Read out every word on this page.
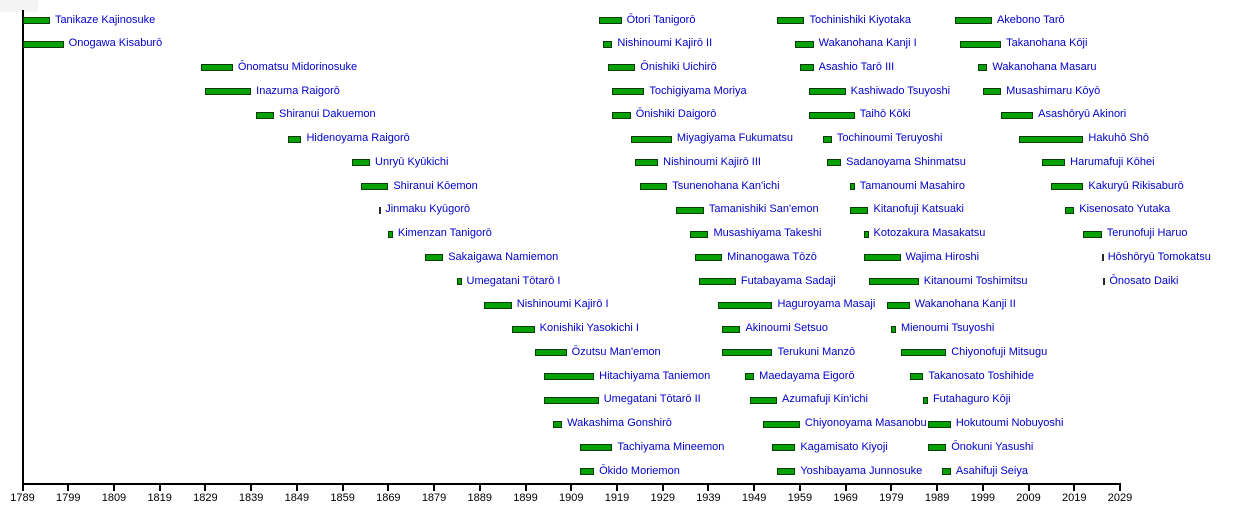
1789	1799	1809	1819	1829	1839	1849	1859	1869	1879	1889	1899	1909	1919	1929	1939	1949	1959	1969	1979	1989	1999	2009	2019	2029
Tanikaze Kajinosuke
Onogawa Kisaburō
Ōnomatsu Midorinosuke
Inazuma Raigorō
Shiranui Dakuemon
Hidenoyama Raigorō
Unryū Kyūkichi
Shiranui Kōemon
Jinmaku Kyūgorō
Kimenzan Tanigorō
Sakaigawa Namiemon
Umegatani Tōtarō I
Nishinoumi Kajirō I
Konishiki Yasokichi I
Ōzutsu Man'emon
Hitachiyama Taniemon
Umegatani Tōtarō II
Wakashima Gonshirō
Tachiyama Mineemon
Ōkido Moriemon
Ōtori Tanigorō
Nishinoumi Kajirō II
Ōnishiki Uichirō
Tochigiyama Moriya
Ōnishiki Daigorō
Miyagiyama Fukumatsu
Nishinoumi Kajirō III
Tsunenohana Kan'ichi
Tamanishiki San'emon
Musashiyama Takeshi
Minanogawa Tōzō
Futabayama Sadaji
Haguroyama Masaji
Akinoumi Setsuo
Terukuni Manzō
Maedayama Eigorō
Azumafuji Kin'ichi
Chiyonoyama Masanobu
Kagamisato Kiyoji
Yoshibayama Junnosuke
Tochinishiki Kiyotaka
Wakanohana Kanji I
Asashio Tarō III
Kashiwado Tsuyoshi
Taihō Kōki
Tochinoumi Teruyoshi
Sadanoyama Shinmatsu
Tamanoumi Masahiro
Kitanofuji Katsuaki
Kotozakura Masakatsu
Wajima Hiroshi
Kitanoumi Toshimitsu
Wakanohana Kanji II
Mienoumi Tsuyoshi
Chiyonofuji Mitsugu
Takanosato Toshihide
Futahaguro Kōji
Hokutoumi Nobuyoshi
Ōnokuni Yasushi
Asahifuji Seiya
Akebono Tarō
Takanohana Kōji
Wakanohana Masaru
Musashimaru Kōyō
Asashōryū Akinori
Hakuhō Shō
Harumafuji Kōhei
Kakuryū Rikisaburō
Kisenosato Yutaka
Terunofuji Haruo
Hōshōryū Tomokatsu
Ōnosato Daiki
